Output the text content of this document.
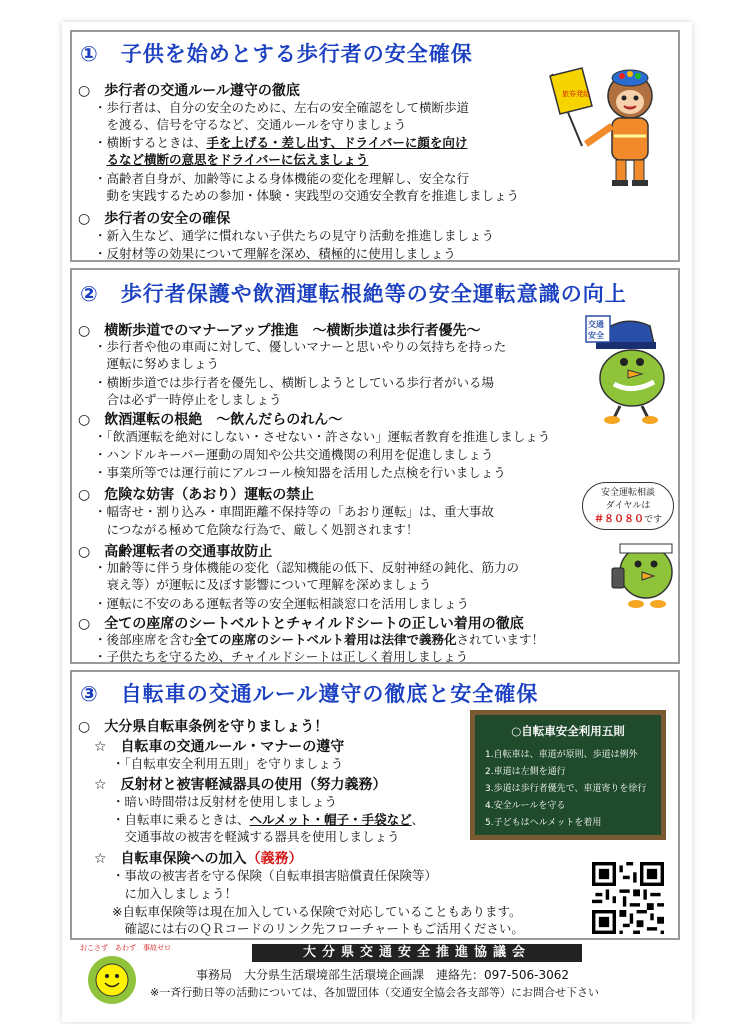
①　子供を始めとする歩行者の安全確保
○　歩行者の交通ルール遵守の徹底
・歩行者は、自分の安全のために、左右の安全確認をして横断歩道
　を渡る、信号を守るなど、交通ルールを守りましょう
・横断するときは、手を上げる・差し出す、ドライバーに顔を向け
　るなど横断の意思をドライバーに伝えましょう
・高齢者自身が、加齢等による身体機能の変化を理解し、安全な行
　動を実践するための参加・体験・実践型の交通安全教育を推進しましょう
○　歩行者の安全の確保
・新入生など、通学に慣れない子供たちの見守り活動を推進しましょう
・反射材等の効果について理解を深め、積極的に使用しましょう
旅券発給
②　歩行者保護や飲酒運転根絶等の安全運転意識の向上
○　横断歩道でのマナーアップ推進　～横断歩道は歩行者優先～
・歩行者や他の車両に対して、優しいマナーと思いやりの気持ちを持った
　運転に努めましょう
・横断歩道では歩行者を優先し、横断しようとしている歩行者がいる場
　合は必ず一時停止をしましょう
○　飲酒運転の根絶　～飲んだらのれん～
・「飲酒運転を絶対にしない・させない・許さない」運転者教育を推進しましょう
・ハンドルキーパー運動の周知や公共交通機関の利用を促進しましょう
・事業所等では運行前にアルコール検知器を活用した点検を行いましょう
○　危険な妨害（あおり）運転の禁止
・幅寄せ・割り込み・車間距離不保持等の「あおり運転」は、重大事故
　につながる極めて危険な行為で、厳しく処罰されます！
○　高齢運転者の交通事故防止
・加齢等に伴う身体機能の変化（認知機能の低下、反射神経の鈍化、筋力の
　衰え等）が運転に及ぼす影響について理解を深めましょう
・運転に不安のある運転者等の安全運転相談窓口を活用しましょう
○　全ての座席のシートベルトとチャイルドシートの正しい着用の徹底
・後部座席を含む全ての座席のシートベルト着用は法律で義務化されています！
・子供たちを守るため、チャイルドシートは正しく着用しましょう
交通
安全
安全運転相談
ダイヤルは
＃８０８０です
③　自転車の交通ルール遵守の徹底と安全確保
○　大分県自転車条例を守りましょう！
☆　自転車の交通ルール・マナーの遵守
・「自転車安全利用五則」を守りましょう
☆　反射材と被害軽減器具の使用（努力義務）
・暗い時間帯は反射材を使用しましょう
・自転車に乗るときは、ヘルメット・帽子・手袋など、
　交通事故の被害を軽減する器具を使用しましょう
☆　自転車保険への加入（義務）
・事故の被害者を守る保険（自転車損害賠償責任保険等）
　に加入しましょう！
※自転車保険等は現在加入している保険で対応していることもあります。
　確認には右のＱＲコードのリンク先フローチャートもご活用ください。
○自転車安全利用五則
1.自転車は、車道が原則、歩道は例外
2.車道は左側を通行
3.歩道は歩行者優先で、車道寄りを徐行
4.安全ルールを守る
5.子どもはヘルメットを着用
大分県交通安全推進協議会
事務局　大分県生活環境部生活環境企画課　連絡先：097-506-3062
※一斉行動日等の活動については、各加盟団体（交通安全協会各支部等）にお問合せ下さい
おこさず　あわず　事故ゼロ
